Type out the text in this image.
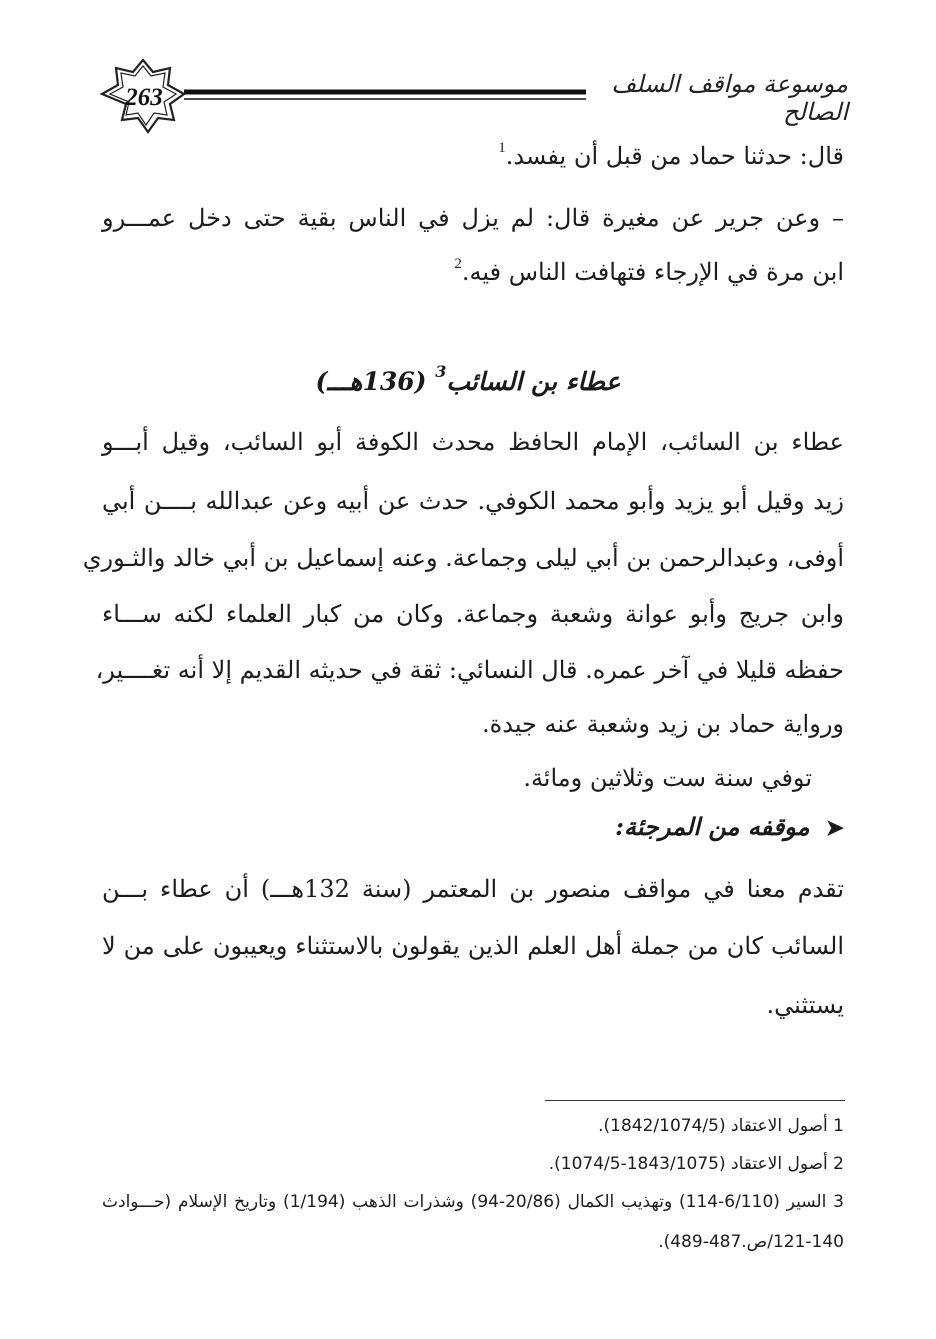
263	موسوعة مواقف السلف الصالح
قال: حدثنا حماد من قبل أن يفسد.$^1$
– وعن جرير عن مغيرة قال: لم يزل في الناس بقية حتى دخل عمـــرو
ابن مرة في الإرجاء فتهافت الناس فيه.$^2$
عطاء بن السائب$^3$ (136هـــ)
عطاء بن السائب، الإمام الحافظ محدث الكوفة أبو السائب، وقيل أبـــو
زيد وقيل أبو يزيد وأبو محمد الكوفي. حدث عن أبيه وعن عبدالله بــــن أبي
أوفى، وعبدالرحمن بن أبي ليلى وجماعة. وعنه إسماعيل بن أبي خالد والثـوري
وابن جريج وأبو عوانة وشعبة وجماعة. وكان من كبار العلماء لكنه ســـاء
حفظه قليلا في آخر عمره. قال النسائي: ثقة في حديثه القديم إلا أنه تغــــير،
ورواية حماد بن زيد وشعبة عنه جيدة.
توفي سنة ست وثلاثين ومائة.
➤موقفه من المرجئة:
تقدم معنا في مواقف منصور بن المعتمر (سنة 132هـــ) أن عطاء بـــن
السائب كان من جملة أهل العلم الذين يقولون بالاستثناء ويعيبون على من لا
يستثني.
1 أصول الاعتقاد (1842/1074/5).
2 أصول الاعتقاد (1843/1075-1074/5).
3 السير (6/110-114) وتهذيب الكمال (20/86-94) وشذرات الذهب (1/194) وتاريخ الإسلام (حـــوادث
121-140/ص.487-489).
